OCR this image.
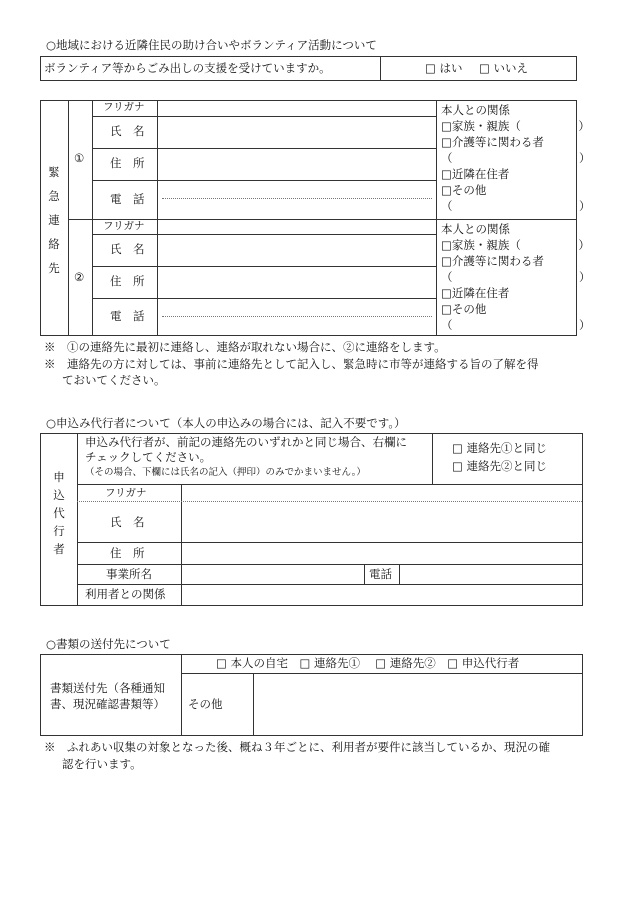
○地域における近隣住民の助け合いやボランティア活動について
ボランティア等からごみ出しの支援を受けていますか。	□ はい □ いいえ
緊
急
連
絡
先
①
フリガナ
氏　名
住　所
電　話
本人との関係
□家族・親族（　　　　　）
□介護等に関わる者
（　　　　　　　　　　　）
□近隣在住者
□その他
（　　　　　　　　　　　）
②
フリガナ
氏　名
住　所
電　話
本人との関係
□家族・親族（　　　　　）
□介護等に関わる者
（　　　　　　　　　　　）
□近隣在住者
□その他
（　　　　　　　　　　　）
※　①の連絡先に最初に連絡し、連絡が取れない場合に、②に連絡をします。
※　連絡先の方に対しては、事前に連絡先として記入し、緊急時に市等が連絡する旨の了解を得
ておいてください。
○申込み代行者について（本人の申込みの場合には、記入不要です。）
申
込
代
行
者
申込み代行者が、前記の連絡先のいずれかと同じ場合、右欄に
チェックしてください。
（その場合、下欄には氏名の記入（押印）のみでかまいません。）
□ 連絡先①と同じ
□ 連絡先②と同じ
フリガナ
氏　名
住　所
事業所名	電話
利用者との関係
○書類の送付先について
□ 本人の自宅　□ 連絡先①　 □ 連絡先②　□ 申込代行者
書類送付先（各種通知
書、現況確認書類等） その他
※　ふれあい収集の対象となった後、概ね３年ごとに、利用者が要件に該当しているか、現況の確
認を行います。
